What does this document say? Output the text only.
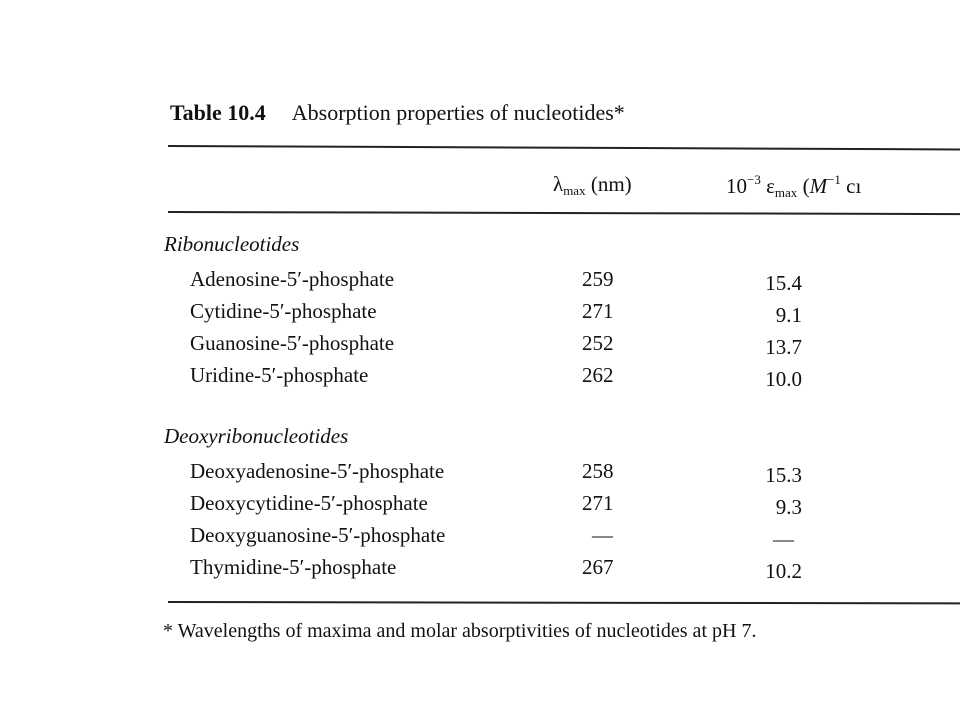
Table 10.4 Absorption properties of nucleotides*
$\lambda_{max}$ (nm)	$10^{-3}$ $\varepsilon_{max}$ ($M^{-1}$ cı
Ribonucleotides
Adenosine-5′-phosphate	259	15.4
Cytidine-5′-phosphate	271	9.1
Guanosine-5′-phosphate	252	13.7
Uridine-5′-phosphate	262	10.0
Deoxyribonucleotides
Deoxyadenosine-5′-phosphate	258	15.3
Deoxycytidine-5′-phosphate	271	9.3
Deoxyguanosine-5′-phosphate	—	—
Thymidine-5′-phosphate	267	10.2
* Wavelengths of maxima and molar absorptivities of nucleotides at pH 7.
